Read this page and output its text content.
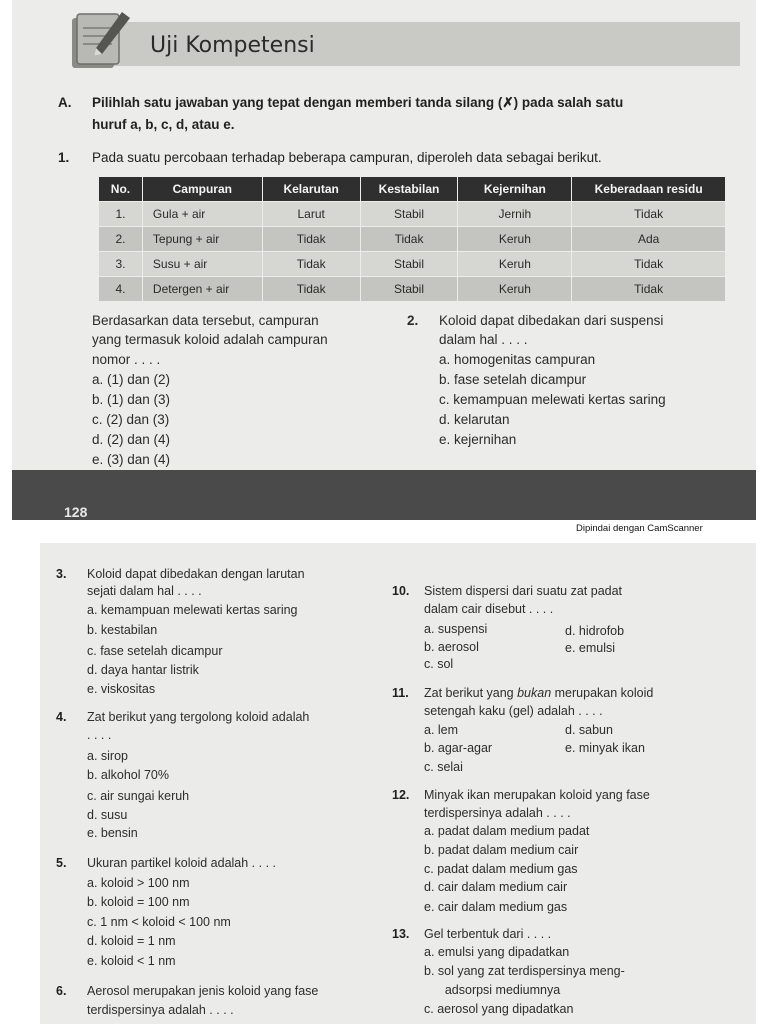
Uji Kompetensi
A. Pilihlah satu jawaban yang tepat dengan memberi tanda silang (✗) pada salah satu
huruf a, b, c, d, atau e.
1. Pada suatu percobaan terhadap beberapa campuran, diperoleh data sebagai berikut.
No.	Campuran	Kelarutan	Kestabilan	Kejernihan	Keberadaan residu
1.	Gula + air	Larut	Stabil	Jernih	Tidak
2.	Tepung + air	Tidak	Tidak	Keruh	Ada
3.	Susu + air	Tidak	Stabil	Keruh	Tidak
4.	Detergen + air	Tidak	Stabil	Keruh	Tidak
Berdasarkan data tersebut, campuran
yang termasuk koloid adalah campuran
nomor . . . .
a. (1) dan (2)
b. (1) dan (3)
c. (2) dan (3)
d. (2) dan (4)
e. (3) dan (4)
2. Koloid dapat dibedakan dari suspensi
dalam hal . . . .
a. homogenitas campuran
b. fase setelah dicampur
c. kemampuan melewati kertas saring
d. kelarutan
e. kejernihan
128
Dipindai dengan CamScanner
3. Koloid dapat dibedakan dengan larutan
sejati dalam hal . . . .
a. kemampuan melewati kertas saring
b. kestabilan
c. fase setelah dicampur
d. daya hantar listrik
e. viskositas
4. Zat berikut yang tergolong koloid adalah
. . . .
a. sirop
b. alkohol 70%
c. air sungai keruh
d. susu
e. bensin
5. Ukuran partikel koloid adalah . . . .
a. koloid > 100 nm
b. koloid = 100 nm
c. 1 nm < koloid < 100 nm
d. koloid = 1 nm
e. koloid < 1 nm
6. Aerosol merupakan jenis koloid yang fase
terdispersinya adalah . . . .
10. Sistem dispersi dari suatu zat padat
dalam cair disebut . . . .
a. suspensi
b. aerosol
c. sol
d. hidrofob
e. emulsi
11. Zat berikut yang bukan merupakan koloid
setengah kaku (gel) adalah . . . .
a. lem
b. agar-agar
c. selai
d. sabun
e. minyak ikan
12. Minyak ikan merupakan koloid yang fase
terdispersinya adalah . . . .
a. padat dalam medium padat
b. padat dalam medium cair
c. padat dalam medium gas
d. cair dalam medium cair
e. cair dalam medium gas
13. Gel terbentuk dari . . . .
a. emulsi yang dipadatkan
b. sol yang zat terdispersinya meng-
adsorpsi mediumnya
c. aerosol yang dipadatkan
